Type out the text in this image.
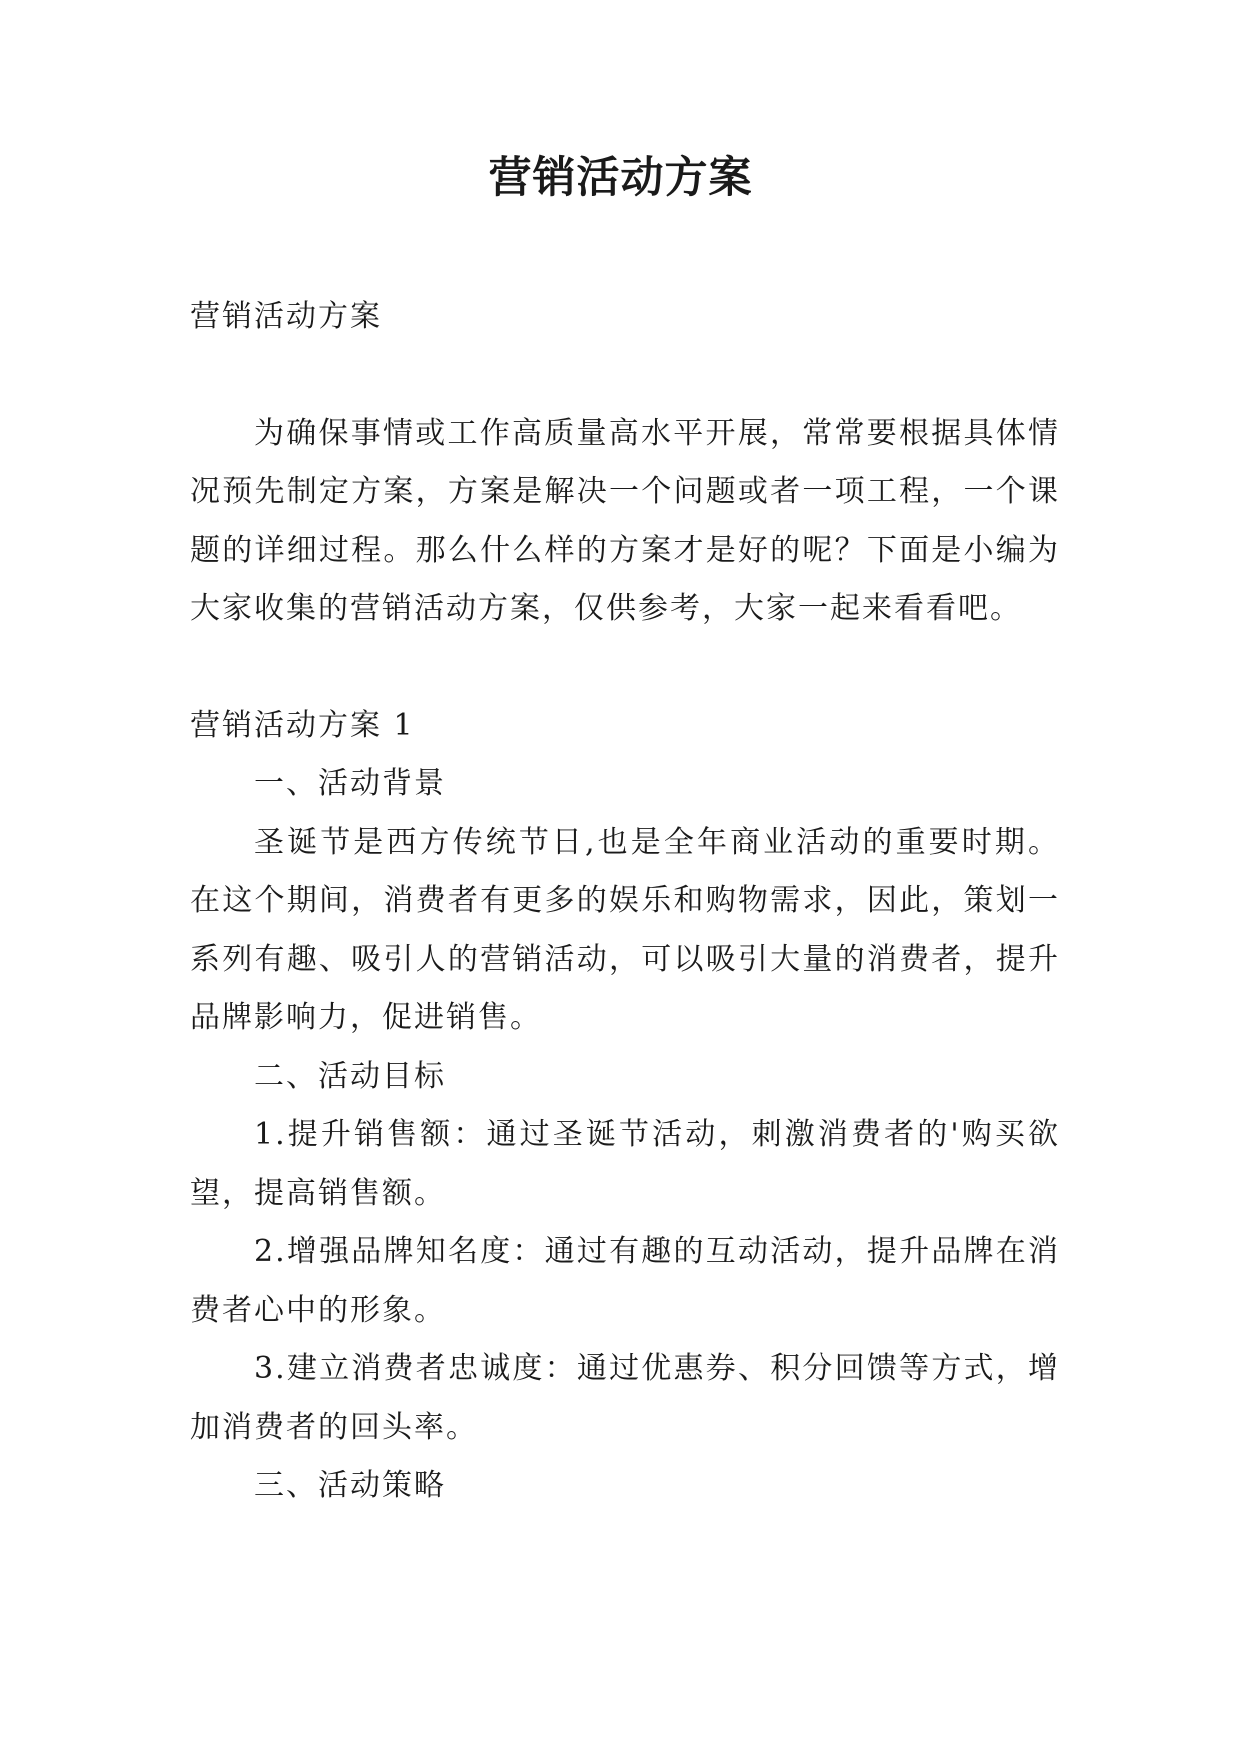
营销活动方案

营销活动方案

为确保事情或工作高质量高水平开展，常常要根据具体情况预先制定方案，方案是解决一个问题或者一项工程，一个课题的详细过程。那么什么样的方案才是好的呢？下面是小编为大家收集的营销活动方案，仅供参考，大家一起来看看吧。

营销活动方案 1

一、活动背景

圣诞节是西方传统节日,也是全年商业活动的重要时期。在这个期间，消费者有更多的娱乐和购物需求，因此，策划一系列有趣、吸引人的营销活动，可以吸引大量的消费者，提升品牌影响力，促进销售。

二、活动目标

1.提升销售额：通过圣诞节活动，刺激消费者的'购买欲望，提高销售额。

2.增强品牌知名度：通过有趣的互动活动，提升品牌在消费者心中的形象。

3.建立消费者忠诚度：通过优惠券、积分回馈等方式，增加消费者的回头率。

三、活动策略
